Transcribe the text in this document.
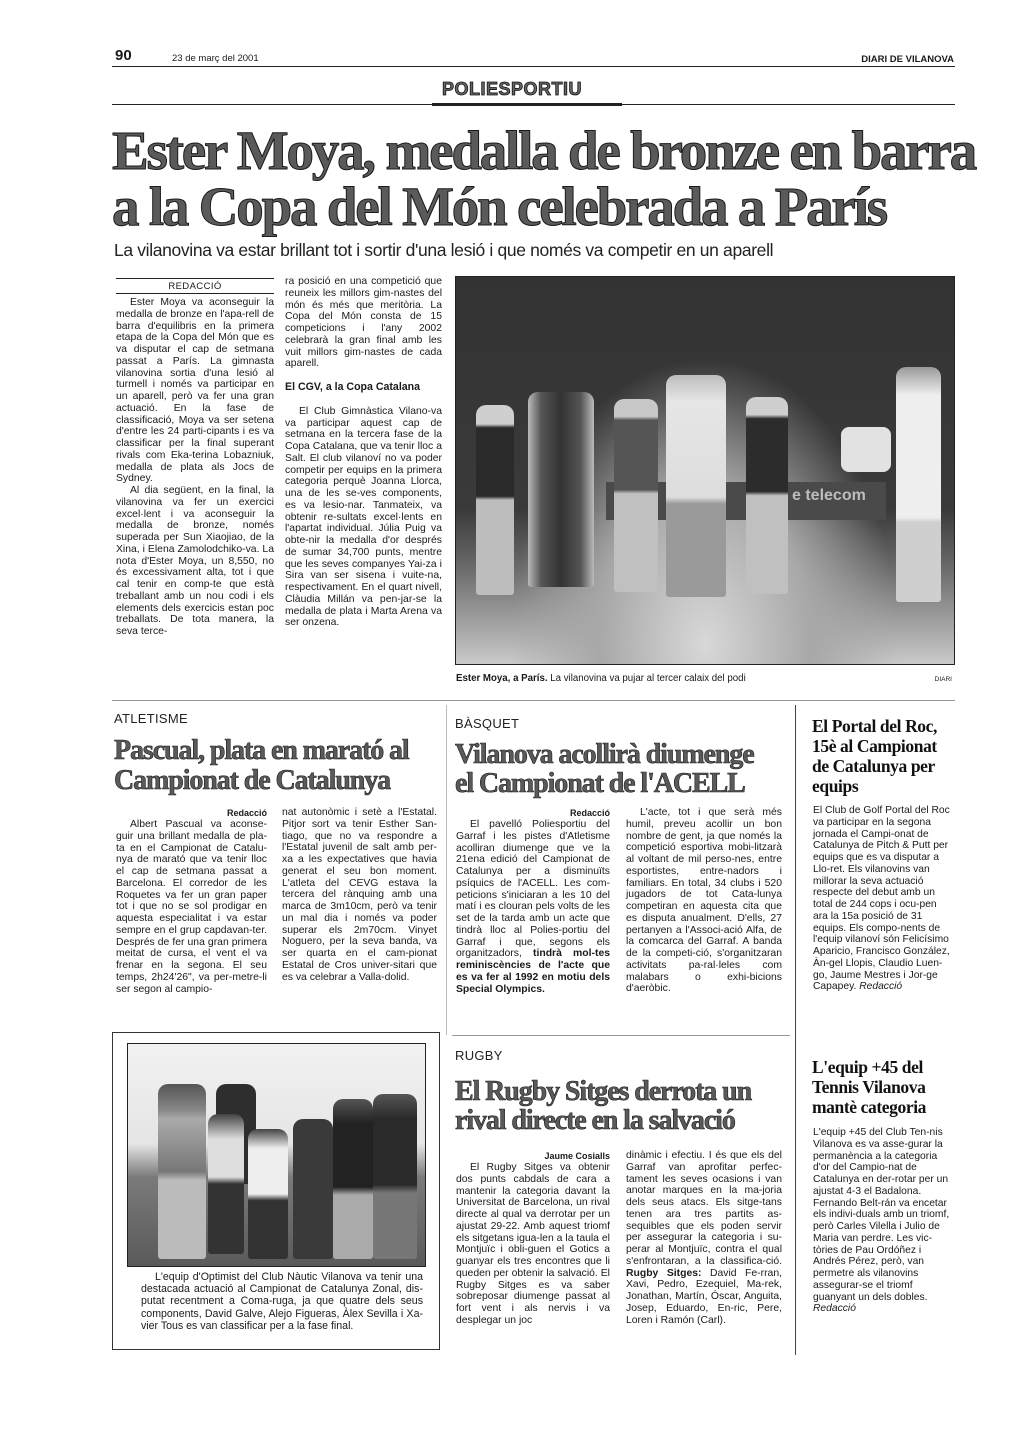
90	23 de març del 2001	DIARI DE VILANOVA
POLIESPORTIU
Ester Moya, medalla de bronze en barra
a la Copa del Món celebrada a París
La vilanovina va estar brillant tot i sortir d'una lesió i que només va competir en un aparell
REDACCIÓ

Ester Moya va aconseguir la medalla de bronze en l'apa-rell de barra d'equilibris en la primera etapa de la Copa del Món que es va disputar el cap de setmana passat a París. La gimnasta vilanovina sortia d'una lesió al turmell i només va participar en un aparell, però va fer una gran actuació. En la fase de classificació, Moya va ser setena d'entre les 24 parti-cipants i es va classificar per la final superant rivals com Eka-terina Lobazniuk, medalla de plata als Jocs de Sydney.

Al dia següent, en la final, la vilanovina va fer un exercici excel·lent i va aconseguir la medalla de bronze, només superada per Sun Xiaojiao, de la Xina, i Elena Zamolodchiko-va. La nota d'Ester Moya, un 8,550, no és excessivament alta, tot i que cal tenir en comp-te que està treballant amb un nou codi i els elements dels exercicis estan poc treballats. De tota manera, la seva terce-

ra posició en una competició que reuneix les millors gim-nastes del món és més que meritòria. La Copa del Món consta de 15 competicions i l'any 2002 celebrarà la gran final amb les vuit millors gim-nastes de cada aparell.

El CGV, a la Copa Catalana

El Club Gimnàstica Vilano-va va participar aquest cap de setmana en la tercera fase de la Copa Catalana, que va tenir lloc a Salt. El club vilanoví no va poder competir per equips en la primera categoria perquè Joanna Llorca, una de les se-ves components, es va lesio-nar. Tanmateix, va obtenir re-sultats excel·lents en l'apartat individual. Júlia Puig va obte-nir la medalla d'or després de sumar 34,700 punts, mentre que les seves companyes Yai-za i Sira van ser sisena i vuite-na, respectivament. En el quart nivell, Clàudia Millán va pen-jar-se la medalla de plata i Marta Arena va ser onzena.

e telecom
Ester Moya, a París. La vilanovina va pujar al tercer calaix del podi	DIARI
ATLETISME
Pascual, plata en marató al
Campionat de Catalunya
Redacció

Albert Pascual va aconse-guir una brillant medalla de pla-ta en el Campionat de Catalu-nya de marató que va tenir lloc el cap de setmana passat a Barcelona. El corredor de les Roquetes va fer un gran paper tot i que no se sol prodigar en aquesta especialitat i va estar sempre en el grup capdavan-ter. Després de fer una gran primera meitat de cursa, el vent el va frenar en la segona. El seu temps, 2h24'26", va per-metre-li ser segon al campio-

nat autonòmic i setè a l'Estatal. Pitjor sort va tenir Esther San-tiago, que no va respondre a l'Estatal juvenil de salt amb per-xa a les expectatives que havia generat el seu bon moment. L'atleta del CEVG estava la tercera del rànquing amb una marca de 3m10cm, però va tenir un mal dia i només va poder superar els 2m70cm. Vinyet Noguero, per la seva banda, va ser quarta en el cam-pionat Estatal de Cros univer-sitari que es va celebrar a Valla-dolid.

BÀSQUET
Vilanova acollirà diumenge
el Campionat de l'ACELL
Redacció

El pavelló Poliesportiu del Garraf i les pistes d'Atletisme acolliran diumenge que ve la 21ena edició del Campionat de Catalunya per a disminuïts psíquics de l'ACELL. Les com-peticions s'iniciaran a les 10 del matí i es clouran pels volts de les set de la tarda amb un acte que tindrà lloc al Polies-portiu del Garraf i que, segons els organitzadors, tindrà mol-tes reminiscències de l'acte que es va fer al 1992 en motiu dels Special Olympics.

L'acte, tot i que serà més humil, preveu acollir un bon nombre de gent, ja que només la competició esportiva mobi-litzarà al voltant de mil perso-nes, entre esportistes, entre-nadors i familiars. En total, 34 clubs i 520 jugadors de tot Cata-lunya competiran en aquesta cita que es disputa anualment. D'ells, 27 pertanyen a l'Associ-ació Alfa, de la comcarca del Garraf. A banda de la competi-ció, s'organitzaran activitats pa-ral·leles com malabars o exhi-bicions d'aeròbic.

L'equip d'Optimist del Club Nàutic Vilanova va tenir una destacada actuació al Campionat de Catalunya Zonal, dis-putat recentment a Coma-ruga, ja que quatre dels seus components, David Galve, Alejo Figueras, Àlex Sevilla i Xa-vier Tous es van classificar per a la fase final.

RUGBY
El Rugby Sitges derrota un
rival directe en la salvació
Jaume Cosialls

El Rugby Sitges va obtenir dos punts cabdals de cara a mantenir la categoria davant la Universitat de Barcelona, un rival directe al qual va derrotar per un ajustat 29-22. Amb aquest triomf els sitgetans igua-len a la taula el Montjuïc i obli-guen el Gotics a guanyar els tres encontres que li queden per obtenir la salvació. El Rugby Sitges es va saber sobreposar diumenge passat al fort vent i als nervis i va desplegar un joc

dinàmic i efectiu. I és que els del Garraf van aprofitar perfec-tament les seves ocasions i van anotar marques en la ma-joria dels seus atacs. Els sitge-tans tenen ara tres partits as-sequibles que els poden servir per assegurar la categoria i su-perar al Montjuïc, contra el qual s'enfrontaran, a la classifica-ció. Rugby Sitges: David Fe-rran, Xavi, Pedro, Ezequiel, Ma-rek, Jonathan, Martín, Óscar, Anguita, Josep, Eduardo, En-ric, Pere, Loren i Ramón (Carl).

El Portal del Roc, 15è al Campionat de Catalunya per equips

El Club de Golf Portal del Roc va participar en la segona jornada el Campi-onat de Catalunya de Pitch & Putt per equips que es va disputar a Llo-ret. Els vilanovins van millorar la seva actuació respecte del debut amb un total de 244 cops i ocu-pen ara la 15a posició de 31 equips. Els compo-nents de l'equip vilanoví són Felicísimo Aparicio, Francisco González, Àn-gel Llopis, Claudio Luen-go, Jaume Mestres i Jor-ge Capapey. Redacció

L'equip +45 del Tennis Vilanova mantè categoria

L'equip +45 del Club Ten-nis Vilanova es va asse-gurar la permanència a la categoria d'or del Campio-nat de Catalunya en der-rotar per un ajustat 4-3 el Badalona. Fernando Belt-rán va encetar els indivi-duals amb un triomf, però Carles Vilella i Julio de Maria van perdre. Les vic-tòries de Pau Ordóñez i Andrés Pérez, però, van permetre als vilanovins assegurar-se el triomf guanyant un dels dobles. Redacció
